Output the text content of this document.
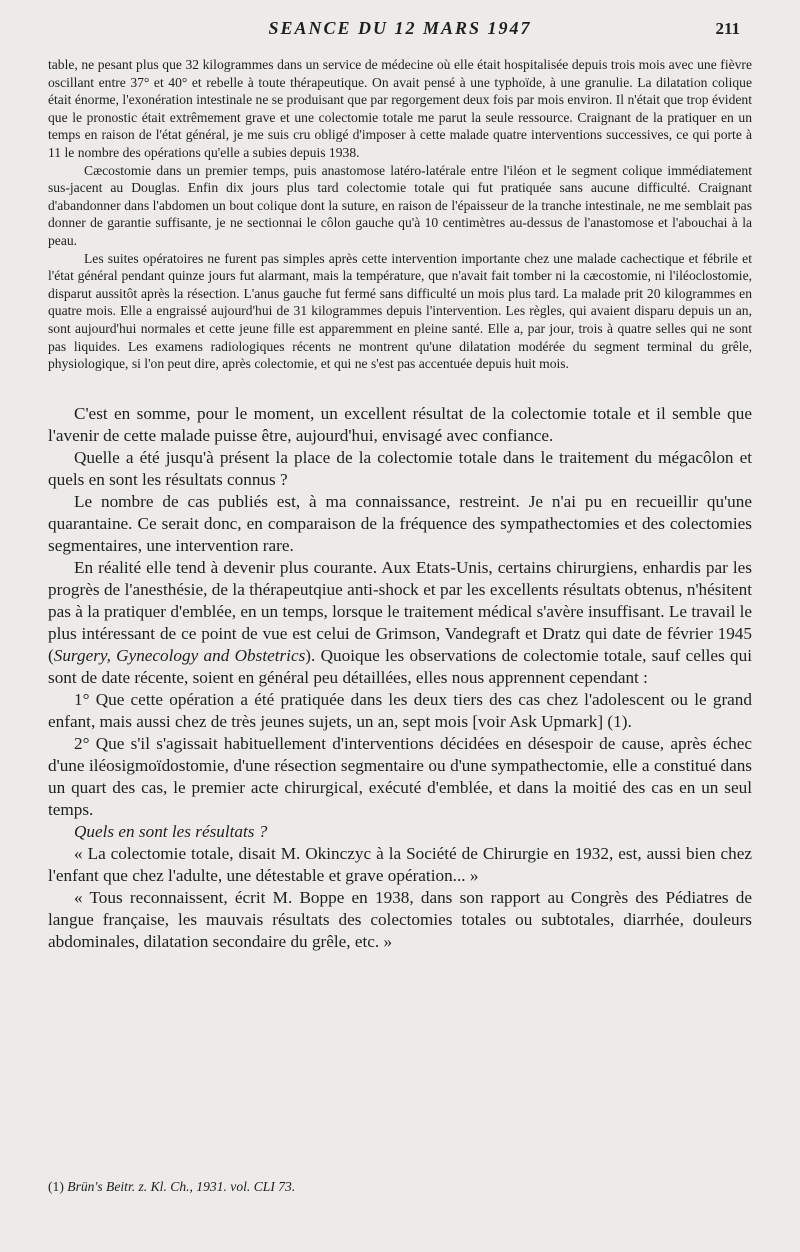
SEANCE DU 12 MARS 1947	211

table, ne pesant plus que 32 kilogrammes dans un service de médecine où elle était hospitalisée depuis trois mois avec une fièvre oscillant entre 37° et 40° et rebelle à toute thérapeutique. On avait pensé à une typhoïde, à une granulie. La dilatation colique était énorme, l'exonération intestinale ne se produisant que par regorgement deux fois par mois environ. Il n'était que trop évident que le pronostic était extrêmement grave et une colectomie totale me parut la seule ressource. Craignant de la pratiquer en un temps en raison de l'état général, je me suis cru obligé d'imposer à cette malade quatre interventions successives, ce qui porte à 11 le nombre des opérations qu'elle a subies depuis 1938.

Cæcostomie dans un premier temps, puis anastomose latéro-latérale entre l'iléon et le segment colique immédiatement sus-jacent au Douglas. Enfin dix jours plus tard colectomie totale qui fut pratiquée sans aucune difficulté. Craignant d'abandonner dans l'abdomen un bout colique dont la suture, en raison de l'épaisseur de la tranche intestinale, ne me semblait pas donner de garantie suffisante, je ne sectionnai le côlon gauche qu'à 10 centimètres au-dessus de l'anastomose et l'abouchai à la peau.

Les suites opératoires ne furent pas simples après cette intervention importante chez une malade cachectique et fébrile et l'état général pendant quinze jours fut alarmant, mais la température, que n'avait fait tomber ni la cæcostomie, ni l'iléoclostomie, disparut aussitôt après la résection. L'anus gauche fut fermé sans difficulté un mois plus tard. La malade prit 20 kilogrammes en quatre mois. Elle a engraissé aujourd'hui de 31 kilogrammes depuis l'intervention. Les règles, qui avaient disparu depuis un an, sont aujourd'hui normales et cette jeune fille est apparemment en pleine santé. Elle a, par jour, trois à quatre selles qui ne sont pas liquides. Les examens radiologiques récents ne montrent qu'une dilatation modérée du segment terminal du grêle, physiologique, si l'on peut dire, après colectomie, et qui ne s'est pas accentuée depuis huit mois.

C'est en somme, pour le moment, un excellent résultat de la colectomie totale et il semble que l'avenir de cette malade puisse être, aujourd'hui, envisagé avec confiance.

Quelle a été jusqu'à présent la place de la colectomie totale dans le traitement du mégacôlon et quels en sont les résultats connus ?

Le nombre de cas publiés est, à ma connaissance, restreint. Je n'ai pu en recueillir qu'une quarantaine. Ce serait donc, en comparaison de la fréquence des sympathectomies et des colectomies segmentaires, une intervention rare.

En réalité elle tend à devenir plus courante. Aux Etats-Unis, certains chirurgiens, enhardis par les progrès de l'anesthésie, de la thérapeutqiue anti-shock et par les excellents résultats obtenus, n'hésitent pas à la pratiquer d'emblée, en un temps, lorsque le traitement médical s'avère insuffisant. Le travail le plus intéressant de ce point de vue est celui de Grimson, Vandegraft et Dratz qui date de février 1945 (Surgery, Gynecology and Obstetrics). Quoique les observations de colectomie totale, sauf celles qui sont de date récente, soient en général peu détaillées, elles nous apprennent cependant :

1° Que cette opération a été pratiquée dans les deux tiers des cas chez l'adolescent ou le grand enfant, mais aussi chez de très jeunes sujets, un an, sept mois [voir Ask Upmark] (1).

2° Que s'il s'agissait habituellement d'interventions décidées en désespoir de cause, après échec d'une iléosigmoïdostomie, d'une résection segmentaire ou d'une sympathectomie, elle a constitué dans un quart des cas, le premier acte chirurgical, exécuté d'emblée, et dans la moitié des cas en un seul temps.

Quels en sont les résultats ?

« La colectomie totale, disait M. Okinczyc à la Société de Chirurgie en 1932, est, aussi bien chez l'enfant que chez l'adulte, une détestable et grave opération... »

« Tous reconnaissent, écrit M. Boppe en 1938, dans son rapport au Congrès des Pédiatres de langue française, les mauvais résultats des colectomies totales ou subtotales, diarrhée, douleurs abdominales, dilatation secondaire du grêle, etc. »

(1) Brün's Beitr. z. Kl. Ch., 1931. vol. CLI 73.
